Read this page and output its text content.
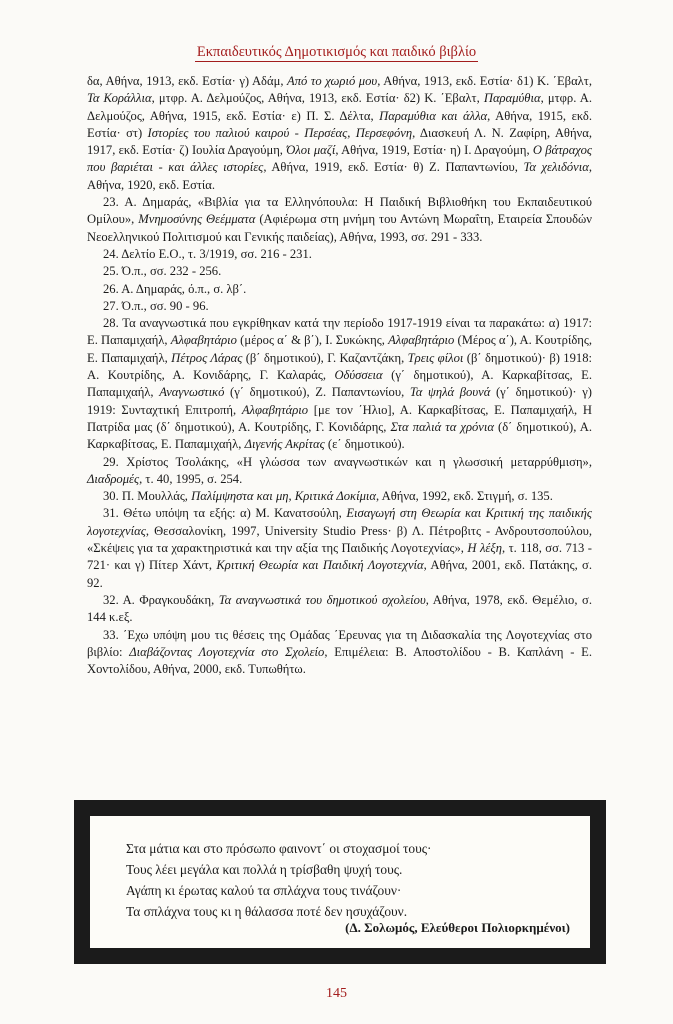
Εκπαιδευτικός Δημοτικισμός και παιδικό βιβλίο

δα, Αθήνα, 1913, εκδ. Εστία· γ) Αδάμ, Από το χωριό μου, Αθήνα, 1913, εκδ. Εστία· δ1) Κ. ΄Εβαλτ, Τα Κοράλλια, μτφρ. Α. Δελμούζος, Αθήνα, 1913, εκδ. Εστία· δ2) Κ. ΄Εβαλτ, Παραμύθια, μτφρ. Α. Δελμούζος, Αθήνα, 1915, εκδ. Εστία· ε) Π. Σ. Δέλτα, Παραμύθια και άλλα, Αθήνα, 1915, εκδ. Εστία· στ) Ιστορίες του παλιού καιρού - Περσέας, Περσεφόνη, Διασκευή Λ. Ν. Ζαφίρη, Αθήνα, 1917, εκδ. Εστία· ζ) Ιουλία Δραγούμη, Όλοι μαζί, Αθήνα, 1919, Εστία· η) Ι. Δραγούμη, Ο βάτραχος που βαριέται - και άλλες ιστορίες, Αθήνα, 1919, εκδ. Εστία· θ) Ζ. Παπαντωνίου, Τα χελιδόνια, Αθήνα, 1920, εκδ. Εστία.

23. Α. Δημαράς, «Βιβλία για τα Ελληνόπουλα: Η Παιδική Βιβλιοθήκη του Εκπαιδευτικού Ομίλου», Μνημοσύνης Θεέμματα (Αφιέρωμα στη μνήμη του Αντώνη Μωραΐτη, Εταιρεία Σπουδών Νεοελληνικού Πολιτισμού και Γενικής παιδείας), Αθήνα, 1993, σσ. 291 - 333.

24. Δελτίο Ε.Ο., τ. 3/1919, σσ. 216 - 231.

25. Ό.π., σσ. 232 - 256.

26. Α. Δημαράς, ό.π., σ. λβ΄.

27. Ό.π., σσ. 90 - 96.

28. Τα αναγνωστικά που εγκρίθηκαν κατά την περίοδο 1917-1919 είναι τα παρακάτω: α) 1917: Ε. Παπαμιχαήλ, Αλφαβητάριο (μέρος α΄ & β΄), Ι. Συκώκης, Αλφαβητάριο (Μέρος α΄), Α. Κουτρίδης, Ε. Παπαμιχαήλ, Πέτρος Λάρας (β΄ δημοτικού), Γ. Καζαντζάκη, Τρεις φίλοι (β΄ δημοτικού)· β) 1918: Α. Κουτρίδης, Α. Κονιδάρης, Γ. Καλαράς, Οδύσσεια (γ΄ δημοτικού), Α. Καρκαβίτσας, Ε. Παπαμιχαήλ, Αναγνωστικό (γ΄ δημοτικού), Ζ. Παπαντωνίου, Τα ψηλά βουνά (γ΄ δημοτικού)· γ) 1919: Συνταχτική Επιτροπή, Αλφαβητάριο [με τον ΄Ηλιο], Α. Καρκαβίτσας, Ε. Παπαμιχαήλ, Η Πατρίδα μας (δ΄ δημοτικού), Α. Κουτρίδης, Γ. Κονιδάρης, Στα παλιά τα χρόνια (δ΄ δημοτικού), Α. Καρκαβίτσας, Ε. Παπαμιχαήλ, Διγενής Ακρίτας (ε΄ δημοτικού).

29. Χρίστος Τσολάκης, «Η γλώσσα των αναγνωστικών και η γλωσσική μεταρρύθμιση», Διαδρομές, τ. 40, 1995, σ. 254.

30. Π. Μουλλάς, Παλίμψηστα και μη, Κριτικά Δοκίμια, Αθήνα, 1992, εκδ. Στιγμή, σ. 135.

31. Θέτω υπόψη τα εξής: α) Μ. Κανατσούλη, Εισαγωγή στη Θεωρία και Κριτική της παιδικής λογοτεχνίας, Θεσσαλονίκη, 1997, University Studio Press· β) Λ. Πέτροβιτς - Ανδρουτσοπούλου, «Σκέψεις για τα χαρακτηριστικά και την αξία της Παιδικής Λογοτεχνίας», Η λέξη, τ. 118, σσ. 713 - 721· και γ) Πίτερ Χάντ, Κριτική Θεωρία και Παιδική Λογοτεχνία, Αθήνα, 2001, εκδ. Πατάκης, σ. 92.

32. Α. Φραγκουδάκη, Τα αναγνωστικά του δημοτικού σχολείου, Αθήνα, 1978, εκδ. Θεμέλιο, σ. 144 κ.εξ.

33. ΄Εχω υπόψη μου τις θέσεις της Ομάδας ΄Ερευνας για τη Διδασκαλία της Λογοτεχνίας στο βιβλίο: Διαβάζοντας Λογοτεχνία στο Σχολείο, Επιμέλεια: Β. Αποστολίδου - Β. Καπλάνη - Ε. Χοντολίδου, Αθήνα, 2000, εκδ. Τυπωθήτω.

Στα μάτια και στο πρόσωπο φαινοντ΄ οι στοχασμοί τους·
Τους λέει μεγάλα και πολλά η τρίσβαθη ψυχή τους.
Αγάπη κι έρωτας καλού τα σπλάχνα τους τινάζουν·
Τα σπλάχνα τους κι η θάλασσα ποτέ δεν ησυχάζουν.
(Δ. Σολωμός, Ελεύθεροι Πολιορκημένοι)
145
